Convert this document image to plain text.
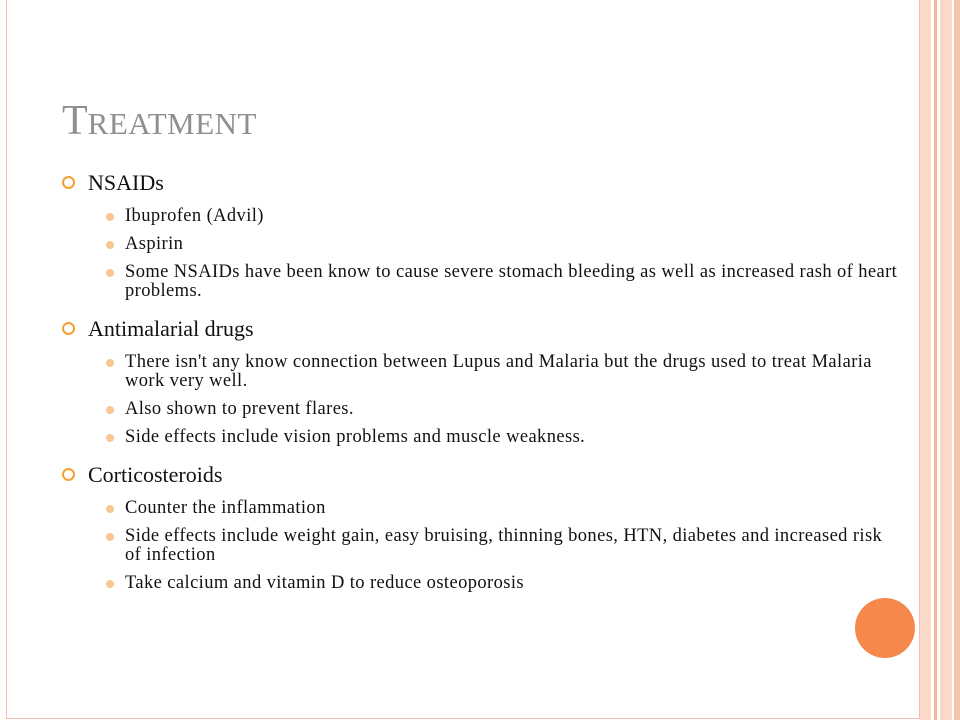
TREATMENT
NSAIDs
Ibuprofen (Advil)
Aspirin
Some NSAIDs have been know to cause severe stomach bleeding as well as increased rash of heart problems.
Antimalarial drugs
There isn't any know connection between Lupus and Malaria but the drugs used to treat Malaria work very well.
Also shown to prevent flares.
Side effects include vision problems and muscle weakness.
Corticosteroids
Counter the inflammation
Side effects include weight gain, easy bruising, thinning bones, HTN, diabetes and increased risk of infection
Take calcium and vitamin D to reduce osteoporosis
